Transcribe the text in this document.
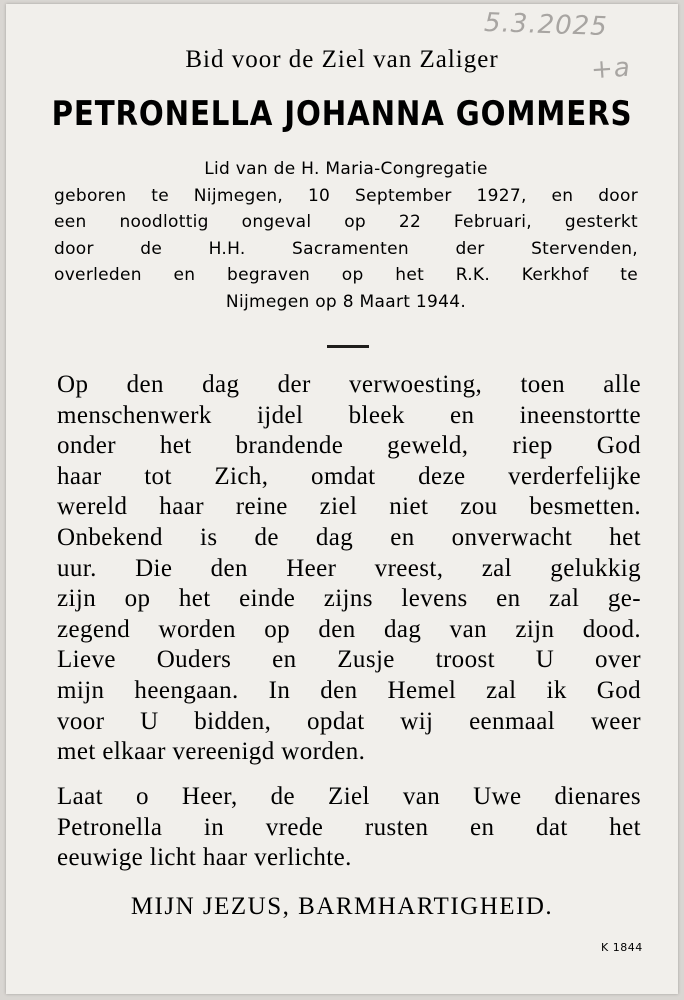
5.3.2025
+a
Bid voor de Ziel van Zaliger
PETRONELLA JOHANNA GOMMERS
Lid van de H. Maria-Congregatie
geboren te Nijmegen, 10 September 1927, en door
een noodlottig ongeval op 22 Februari, gesterkt
door de H.H. Sacramenten der Stervenden,
overleden en begraven op het R.K. Kerkhof te
Nijmegen op 8 Maart 1944.
Op den dag der verwoesting, toen alle
menschenwerk ijdel bleek en ineenstortte
onder het brandende geweld, riep God
haar tot Zich, omdat deze verderfelijke
wereld haar reine ziel niet zou besmetten.
Onbekend is de dag en onverwacht het
uur. Die den Heer vreest, zal gelukkig
zijn op het einde zijns levens en zal ge-
zegend worden op den dag van zijn dood.
Lieve Ouders en Zusje troost U over
mijn heengaan. In den Hemel zal ik God
voor U bidden, opdat wij eenmaal weer
met elkaar vereenigd worden.
Laat o Heer, de Ziel van Uwe dienares
Petronella in vrede rusten en dat het
eeuwige licht haar verlichte.

MIJN JEZUS, BARMHARTIGHEID.

K 1844
